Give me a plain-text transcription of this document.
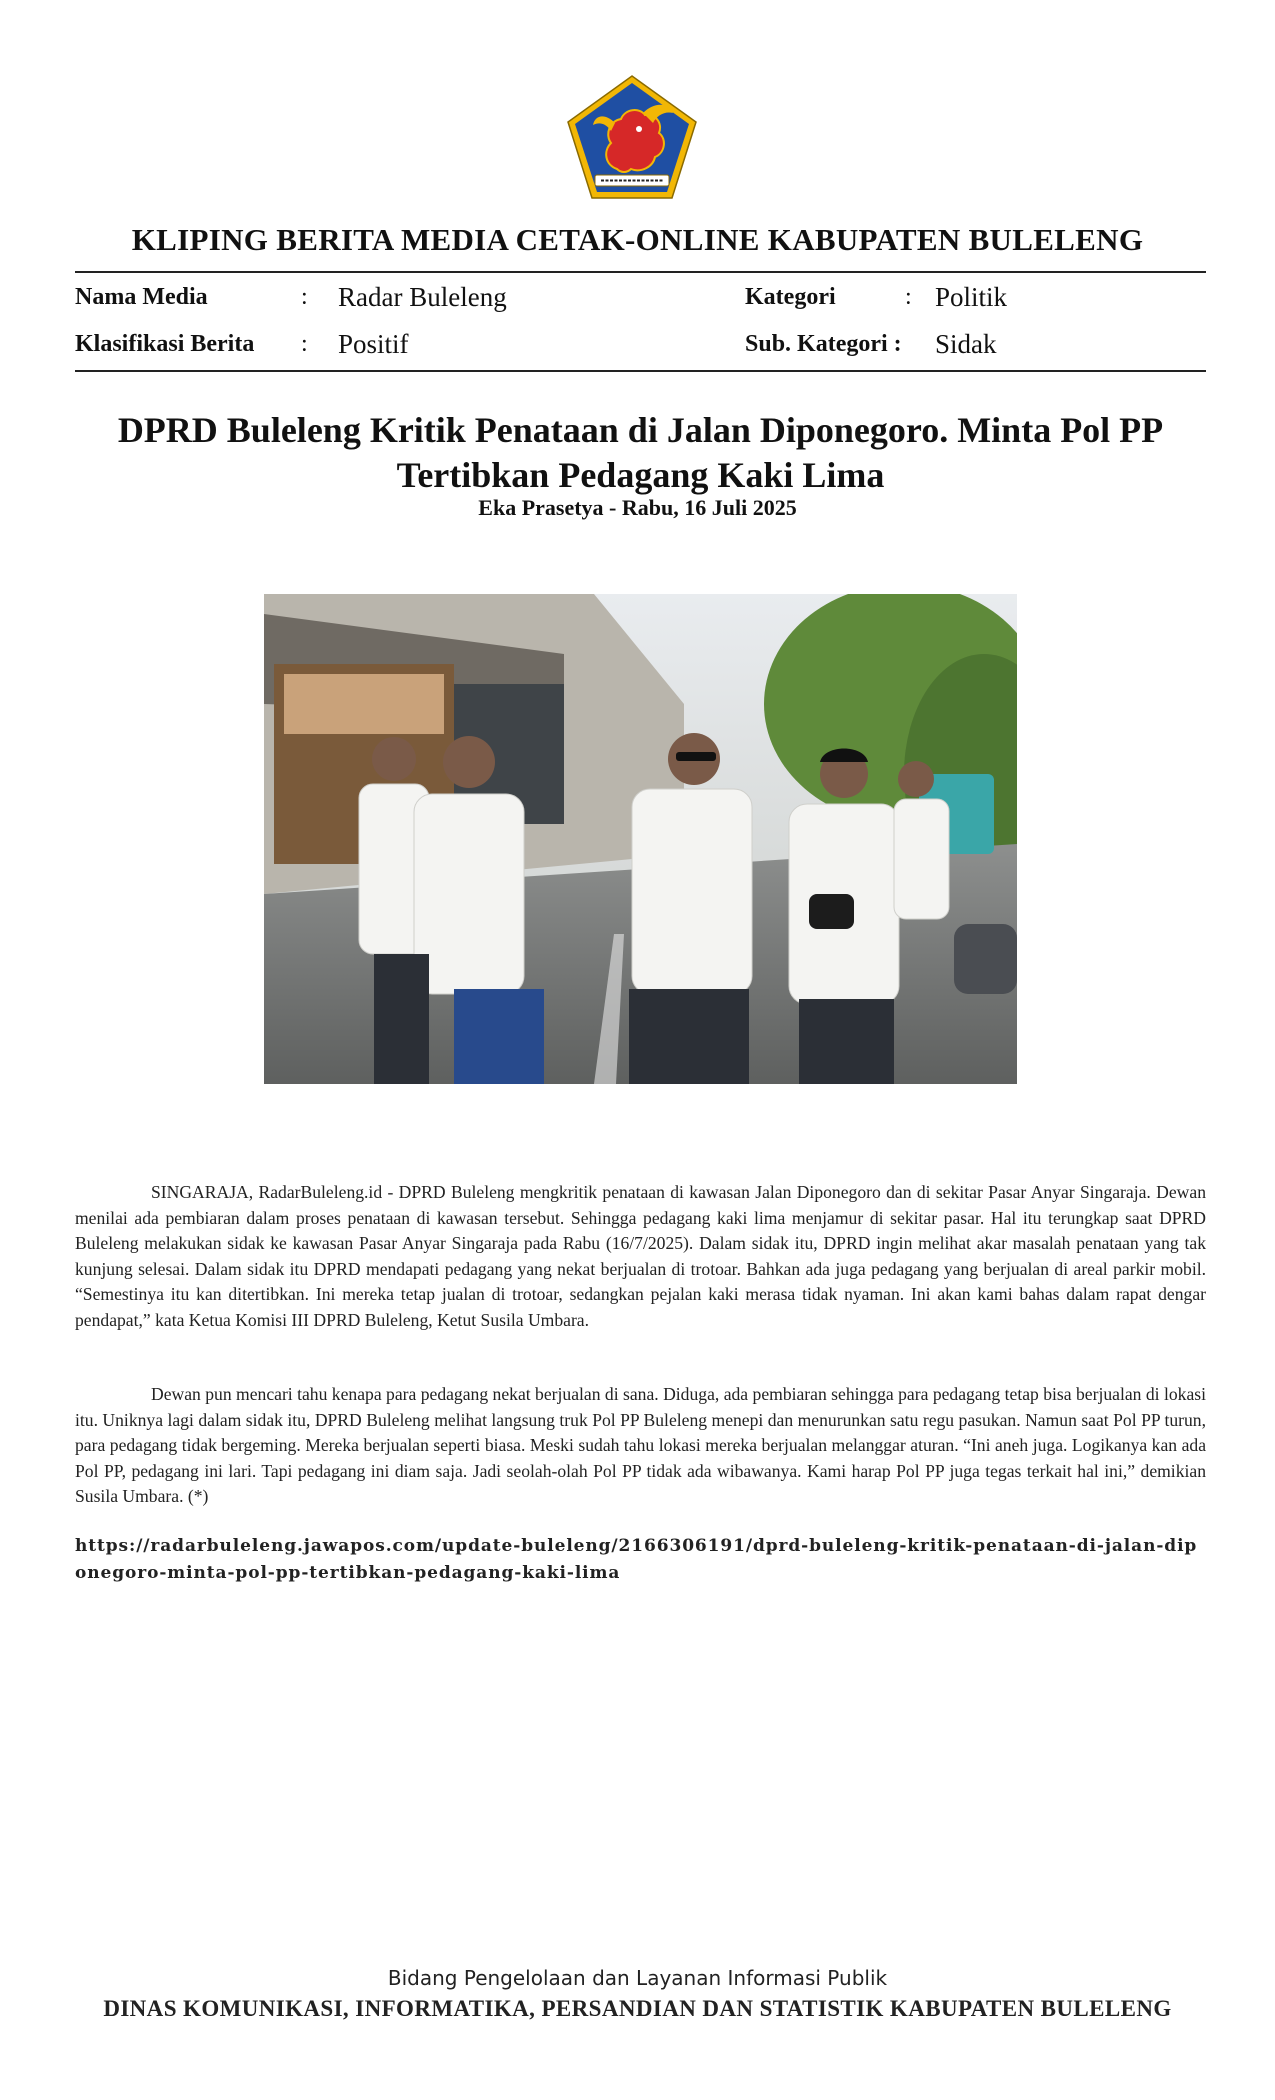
KLIPING BERITA MEDIA CETAK-ONLINE KABUPATEN BULELENG
Nama Media	: Radar Buleleng	Kategori	: Politik
Klasifikasi Berita : Positif	Sub. Kategori : Sidak
DPRD Buleleng Kritik Penataan di Jalan Diponegoro. Minta Pol PP Tertibkan Pedagang Kaki Lima
Eka Prasetya - Rabu, 16 Juli 2025
SINGARAJA, RadarBuleleng.id - DPRD Buleleng mengkritik penataan di kawasan Jalan Diponegoro dan di sekitar Pasar Anyar Singaraja. Dewan menilai ada pembiaran dalam proses penataan di kawasan tersebut. Sehingga pedagang kaki lima menjamur di sekitar pasar. Hal itu terungkap saat DPRD Buleleng melakukan sidak ke kawasan Pasar Anyar Singaraja pada Rabu (16/7/2025). Dalam sidak itu, DPRD ingin melihat akar masalah penataan yang tak kunjung selesai. Dalam sidak itu DPRD mendapati pedagang yang nekat berjualan di trotoar. Bahkan ada juga pedagang yang berjualan di areal parkir mobil. “Semestinya itu kan ditertibkan. Ini mereka tetap jualan di trotoar, sedangkan pejalan kaki merasa tidak nyaman. Ini akan kami bahas dalam rapat dengar pendapat,” kata Ketua Komisi III DPRD Buleleng, Ketut Susila Umbara.
Dewan pun mencari tahu kenapa para pedagang nekat berjualan di sana. Diduga, ada pembiaran sehingga para pedagang tetap bisa berjualan di lokasi itu. Uniknya lagi dalam sidak itu, DPRD Buleleng melihat langsung truk Pol PP Buleleng menepi dan menurunkan satu regu pasukan. Namun saat Pol PP turun, para pedagang tidak bergeming. Mereka berjualan seperti biasa. Meski sudah tahu lokasi mereka berjualan melanggar aturan. “Ini aneh juga. Logikanya kan ada Pol PP, pedagang ini lari. Tapi pedagang ini diam saja. Jadi seolah-olah Pol PP tidak ada wibawanya. Kami harap Pol PP juga tegas terkait hal ini,” demikian Susila Umbara. (*)
https://radarbuleleng.jawapos.com/update-buleleng/2166306191/dprd-buleleng-kritik-penataan-di-jalan-diponegoro-minta-pol-pp-tertibkan-pedagang-kaki-lima
Bidang Pengelolaan dan Layanan Informasi Publik
DINAS KOMUNIKASI, INFORMATIKA, PERSANDIAN DAN STATISTIK KABUPATEN BULELENG
